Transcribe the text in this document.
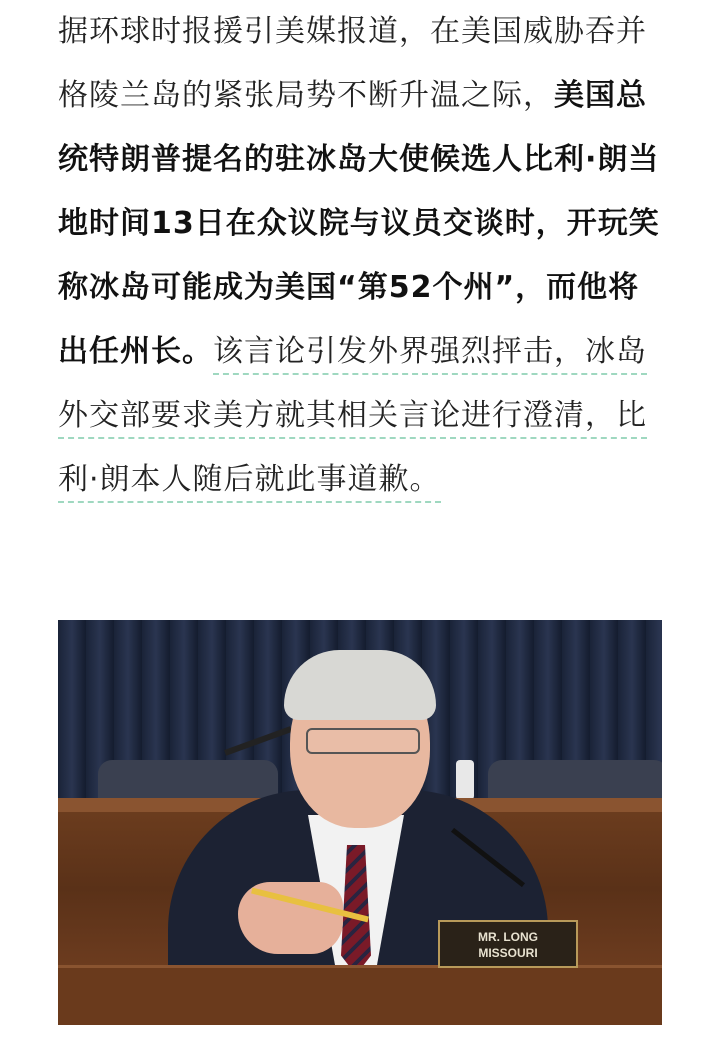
据环球时报援引美媒报道，在美国威胁吞并格陵兰岛的紧张局势不断升温之际，美国总统特朗普提名的驻冰岛大使候选人比利·朗当地时间13日在众议院与议员交谈时，开玩笑称冰岛可能成为美国“第52个州”，而他将出任州长。该言论引发外界强烈抨击，冰岛外交部要求美方就其相关言论进行澄清，比利·朗本人随后就此事道歉。

MR. LONG
MISSOURI
